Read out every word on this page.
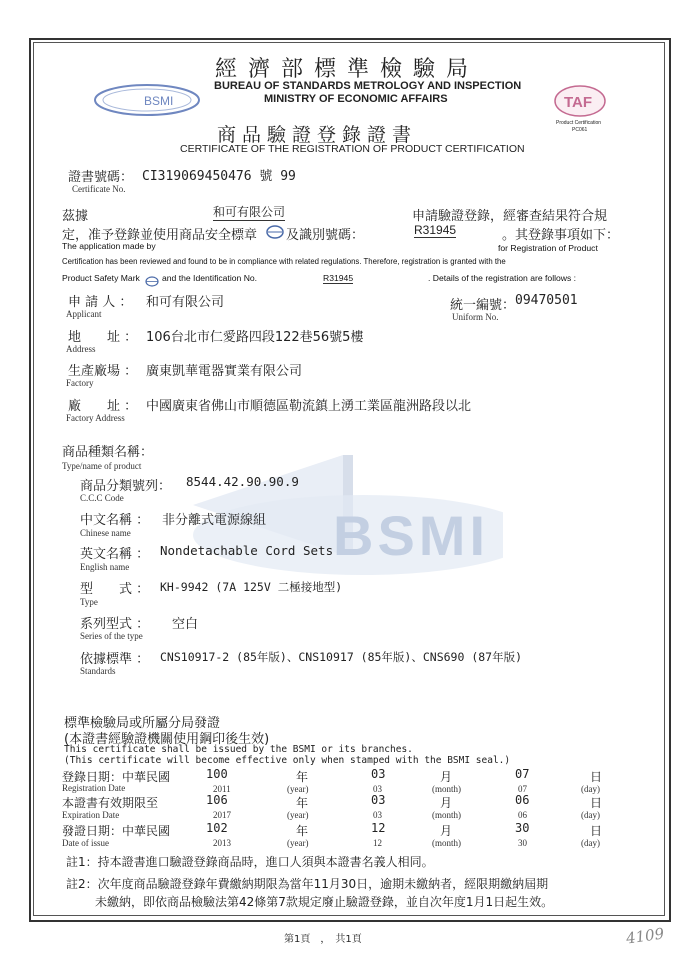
BSMI
經 濟 部 標 準 檢 驗 局
BUREAU OF STANDARDS METROLOGY AND INSPECTION
MINISTRY OF ECONOMIC AFFAIRS
BSMI	TAF
Product Certification
PC061
商品驗證登錄證書
CERTIFICATE OF THE REGISTRATION OF PRODUCT CERTIFICATION
證書號碼： CI319069450476 號 99
Certificate No.
茲據	和可有限公司	申請驗證登錄，經審查結果符合規
定，准予登錄並使用商品安全標章 及識別號碼：	R31945	。其登錄事項如下：
The application made by	for Registration of Product
Certification has been reviewed and found to be in compliance with related regulations. Therefore, registration is granted with the
Product Safety Mark	and the Identification No.	R31945	. Details of the registration are follows :
申 請 人 ： 和可有限公司
Applicant
統一編號： 09470501
Uniform No.
地　　址 ： 106台北市仁愛路四段122巷56號5樓
Address
生產廠場 ： 廣東凱華電器實業有限公司
Factory
廠　　址 ： 中國廣東省佛山市順德區勒流鎮上湧工業區龍洲路段以北
Factory Address
商品種類名稱：
Type/name of product
商品分類號列： 8544.42.90.90.9
C.C.C Code
中文名稱 ： 非分離式電源線組
Chinese name
英文名稱 ： Nondetachable Cord Sets
English name
型　　式 ： KH-9942 (7A 125V 二極接地型)
Type
系列型式 ： 空白
Series of the type
依據標準 ： CNS10917-2 (85年版)、CNS10917 (85年版)、CNS690 (87年版)
Standards
標準檢驗局或所屬分局發證
(本證書經驗證機關使用鋼印後生效)
This certificate shall be issued by the BSMI or its branches.
(This certificate will become effective only when stamped with the BSMI seal.)
登錄日期：中華民國	100	年	03	月	07	日
Registration Date	2011	(year)	03	(month)	07	(day)
本證書有效期限至	106	年	03	月	06	日
Expiration Date	2017	(year)	03	(month)	06	(day)
發證日期：中華民國	102	年	12	月	30	日
Date of issue	2013	(year)	12	(month)	30	(day)
註1：持本證書進口驗證登錄商品時，進口人須與本證書名義人相同。
註2：次年度商品驗證登錄年費繳納期限為當年11月30日，逾期未繳納者，經限期繳納屆期
未繳納，即依商品檢驗法第42條第7款規定廢止驗證登錄，並自次年度1月1日起生效。
第1頁　，　共1頁	4109
